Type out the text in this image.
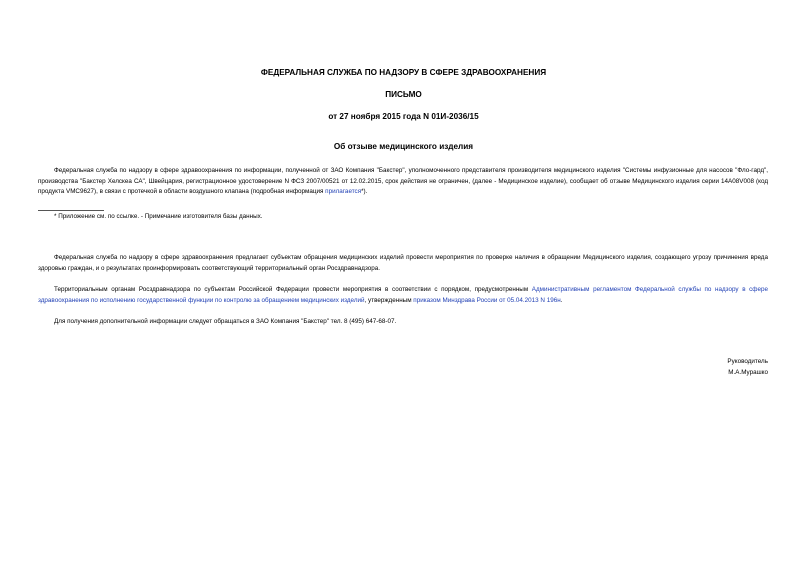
ФЕДЕРАЛЬНАЯ СЛУЖБА ПО НАДЗОРУ В СФЕРЕ ЗДРАВООХРАНЕНИЯ
ПИСЬМО
от 27 ноября 2015 года N 01И-2036/15
Об отзыве медицинского изделия
Федеральная служба по надзору в сфере здравоохранения по информации, полученной от ЗАО Компания "Бакстер", уполномоченного представителя производителя медицинского изделия "Системы инфузионные для насосов "Фло-гард", производства "Бакстер Хелскеа СА", Швейцария, регистрационное удостоверение N ФСЗ 2007/00521 от 12.02.2015, срок действия не ограничен, (далее - Медицинское изделие), сообщает об отзыве Медицинского изделия серии 14А08V008 (код продукта VMC9627), в связи с протечкой в области воздушного клапана (подробная информация прилагается*).
* Приложение см. по ссылке. - Примечание изготовителя базы данных.
Федеральная служба по надзору в сфере здравоохранения предлагает субъектам обращения медицинских изделий провести мероприятия по проверке наличия в обращении Медицинского изделия, создающего угрозу причинения вреда здоровью граждан, и о результатах проинформировать соответствующий территориальный орган Росздравнадзора.
Территориальным органам Росздравнадзора по субъектам Российской Федерации провести мероприятия в соответствии с порядком, предусмотренным Административным регламентом Федеральной службы по надзору в сфере здравоохранения по исполнению государственной функции по контролю за обращением медицинских изделий, утвержденным приказом Минздрава России от 05.04.2013 N 196н.
Для получения дополнительной информации следует обращаться в ЗАО Компания "Бакстер" тел. 8 (495) 647-68-07.
Руководитель
М.А.Мурашко
